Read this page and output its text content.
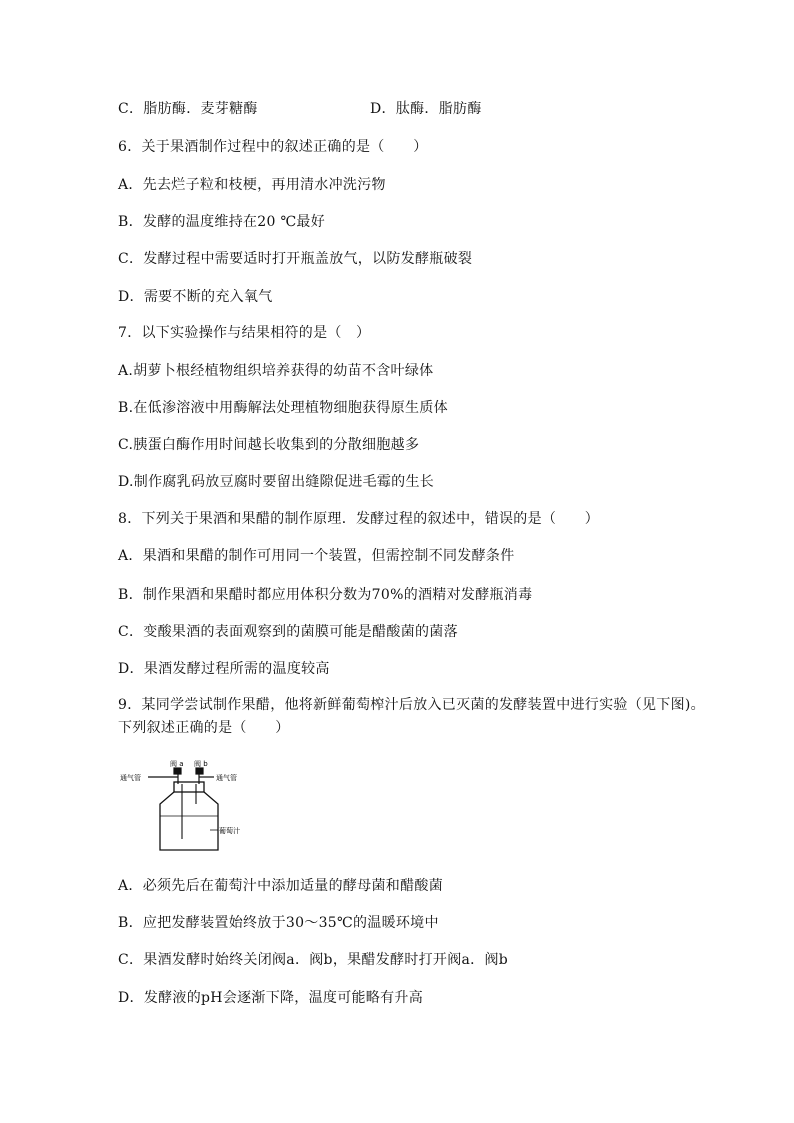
C．脂肪酶．麦芽糖酶	D．肽酶．脂肪酶
6．关于果酒制作过程中的叙述正确的是（　　）
A．先去烂子粒和枝梗，再用清水冲洗污物
B．发酵的温度维持在20 ℃最好
C．发酵过程中需要适时打开瓶盖放气，以防发酵瓶破裂
D．需要不断的充入氧气
7．以下实验操作与结果相符的是（　）
A.胡萝卜根经植物组织培养获得的幼苗不含叶绿体
B.在低渗溶液中用酶解法处理植物细胞获得原生质体
C.胰蛋白酶作用时间越长收集到的分散细胞越多
D.制作腐乳码放豆腐时要留出缝隙促进毛霉的生长
8．下列关于果酒和果醋的制作原理．发酵过程的叙述中，错误的是（　　）
A．果酒和果醋的制作可用同一个装置，但需控制不同发酵条件
B．制作果酒和果醋时都应用体积分数为70%的酒精对发酵瓶消毒
C．变酸果酒的表面观察到的菌膜可能是醋酸菌的菌落
D．果酒发酵过程所需的温度较高
9．某同学尝试制作果醋，他将新鲜葡萄榨汁后放入已灭菌的发酵装置中进行实验（见下图)。下列叙述正确的是（　　）
阀 a 阀 b
通气管	通气管
葡萄汁
A．必须先后在葡萄汁中添加适量的酵母菌和醋酸菌
B．应把发酵装置始终放于30～35℃的温暖环境中
C．果酒发酵时始终关闭阀a．阀b，果醋发酵时打开阀a．阀b
D．发酵液的pH会逐渐下降，温度可能略有升高
